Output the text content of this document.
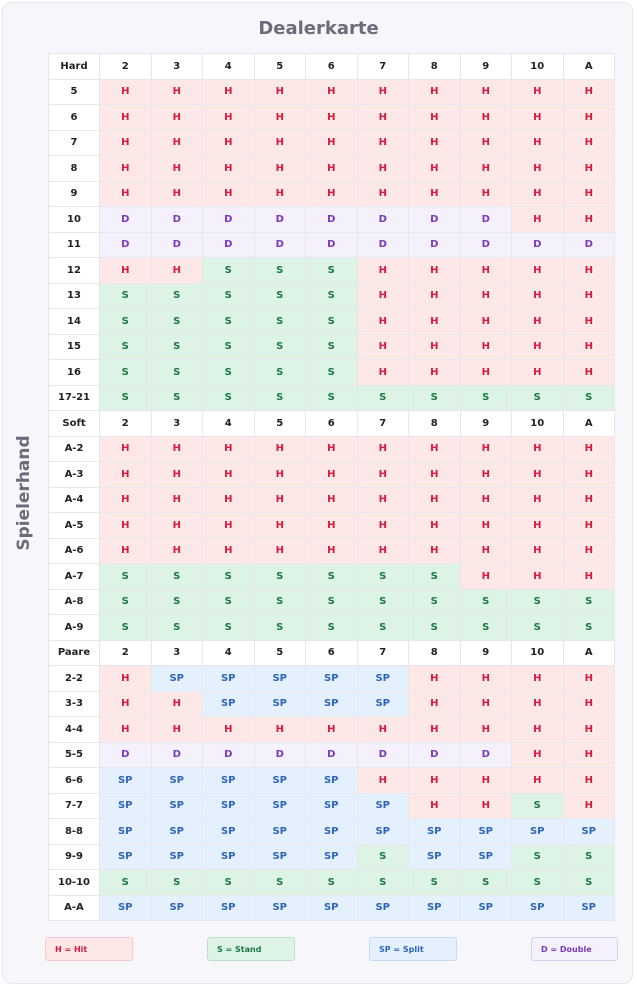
Dealerkarte
Spielerhand
Hard	2	3	4	5	6	7	8	9	10	A
5	H	H	H	H	H	H	H	H	H	H
6	H	H	H	H	H	H	H	H	H	H
7	H	H	H	H	H	H	H	H	H	H
8	H	H	H	H	H	H	H	H	H	H
9	H	H	H	H	H	H	H	H	H	H
10	D	D	D	D	D	D	D	D	H	H
11	D	D	D	D	D	D	D	D	D	D
12	H	H	S	S	S	H	H	H	H	H
13	S	S	S	S	S	H	H	H	H	H
14	S	S	S	S	S	H	H	H	H	H
15	S	S	S	S	S	H	H	H	H	H
16	S	S	S	S	S	H	H	H	H	H
17-21	S	S	S	S	S	S	S	S	S	S
Soft	2	3	4	5	6	7	8	9	10	A
A-2	H	H	H	H	H	H	H	H	H	H
A-3	H	H	H	H	H	H	H	H	H	H
A-4	H	H	H	H	H	H	H	H	H	H
A-5	H	H	H	H	H	H	H	H	H	H
A-6	H	H	H	H	H	H	H	H	H	H
A-7	S	S	S	S	S	S	S	H	H	H
A-8	S	S	S	S	S	S	S	S	S	S
A-9	S	S	S	S	S	S	S	S	S	S
Paare	2	3	4	5	6	7	8	9	10	A
2-2	H	SP	SP	SP	SP	SP	H	H	H	H
3-3	H	H	SP	SP	SP	SP	H	H	H	H
4-4	H	H	H	H	H	H	H	H	H	H
5-5	D	D	D	D	D	D	D	D	H	H
6-6	SP	SP	SP	SP	SP	H	H	H	H	H
7-7	SP	SP	SP	SP	SP	SP	H	H	S	H
8-8	SP	SP	SP	SP	SP	SP	SP	SP	SP	SP
9-9	SP	SP	SP	SP	SP	S	SP	SP	S	S
10-10	S	S	S	S	S	S	S	S	S	S
A-A	SP	SP	SP	SP	SP	SP	SP	SP	SP	SP
H = Hit	S = Stand	SP = Split	D = Double
